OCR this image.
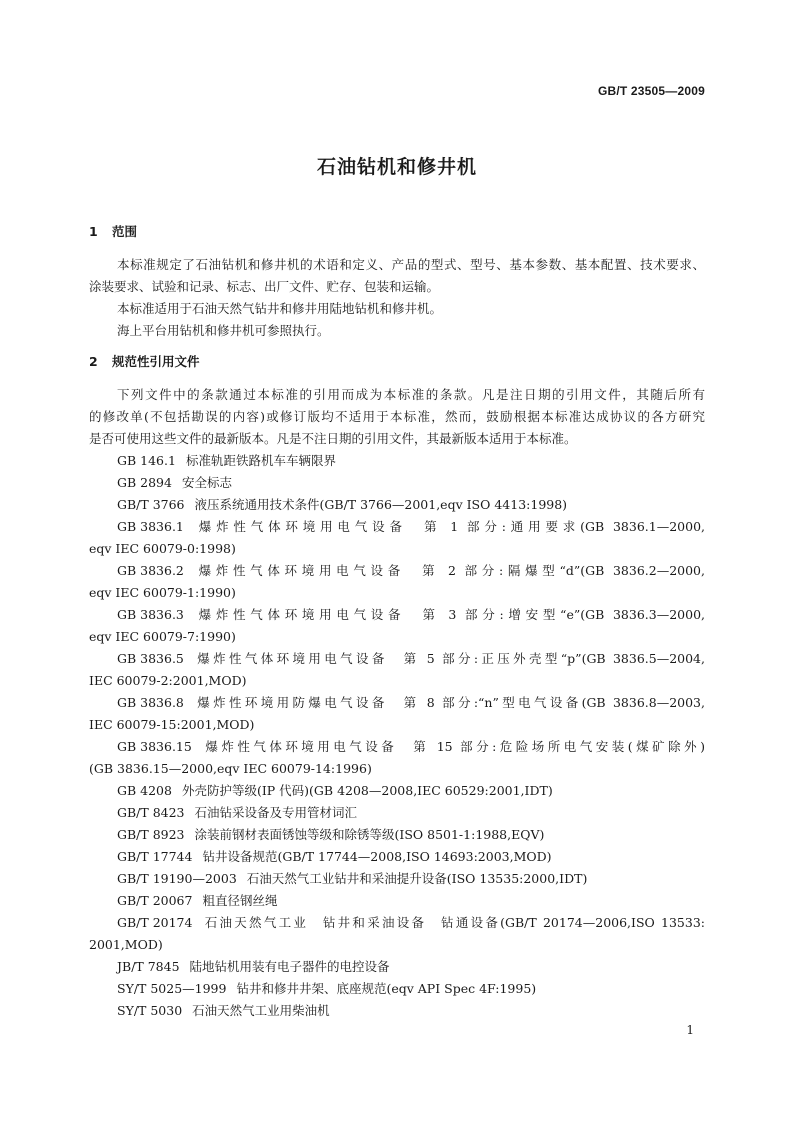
GB/T 23505—2009
石油钻机和修井机
1 范围
本标准规定了石油钻机和修井机的术语和定义、产品的型式、型号、基本参数、基本配置、技术要求、
涂装要求、试验和记录、标志、出厂文件、贮存、包装和运输。
本标准适用于石油天然气钻井和修井用陆地钻机和修井机。
海上平台用钻机和修井机可参照执行。
2 规范性引用文件
下列文件中的条款通过本标准的引用而成为本标准的条款。凡是注日期的引用文件，其随后所有
的修改单(不包括勘误的内容)或修订版均不适用于本标准，然而，鼓励根据本标准达成协议的各方研究
是否可使用这些文件的最新版本。凡是不注日期的引用文件，其最新版本适用于本标准。
GB 146.1 标准轨距铁路机车车辆限界
GB 2894 安全标志
GB/T 3766 液压系统通用技术条件(GB/T 3766—2001,eqv ISO 4413:1998)
GB 3836.1 爆炸性气体环境用电气设备　第 1 部分:通用要求(GB 3836.1—2000,
eqv IEC 60079-0:1998)
GB 3836.2 爆炸性气体环境用电气设备　第 2 部分:隔爆型“d”(GB 3836.2—2000,
eqv IEC 60079-1:1990)
GB 3836.3 爆炸性气体环境用电气设备　第 3 部分:增安型“e”(GB 3836.3—2000,
eqv IEC 60079-7:1990)
GB 3836.5 爆炸性气体环境用电气设备　第 5 部分:正压外壳型“p”(GB 3836.5—2004,
IEC 60079-2:2001,MOD)
GB 3836.8 爆炸性环境用防爆电气设备　第 8 部分:“n”型电气设备(GB 3836.8—2003,
IEC 60079-15:2001,MOD)
GB 3836.15 爆炸性气体环境用电气设备　第 15 部分:危险场所电气安装(煤矿除外)
(GB 3836.15—2000,eqv IEC 60079-14:1996)
GB 4208 外壳防护等级(IP 代码)(GB 4208—2008,IEC 60529:2001,IDT)
GB/T 8423 石油钻采设备及专用管材词汇
GB/T 8923 涂装前钢材表面锈蚀等级和除锈等级(ISO 8501-1:1988,EQV)
GB/T 17744 钻井设备规范(GB/T 17744—2008,ISO 14693:2003,MOD)
GB/T 19190—2003 石油天然气工业钻井和采油提升设备(ISO 13535:2000,IDT)
GB/T 20067 粗直径钢丝绳
GB/T 20174 石油天然气工业　钻井和采油设备　钻通设备(GB/T 20174—2006,ISO 13533:
2001,MOD)
JB/T 7845 陆地钻机用装有电子器件的电控设备
SY/T 5025—1999 钻井和修井井架、底座规范(eqv API Spec 4F:1995)
SY/T 5030 石油天然气工业用柴油机
1
